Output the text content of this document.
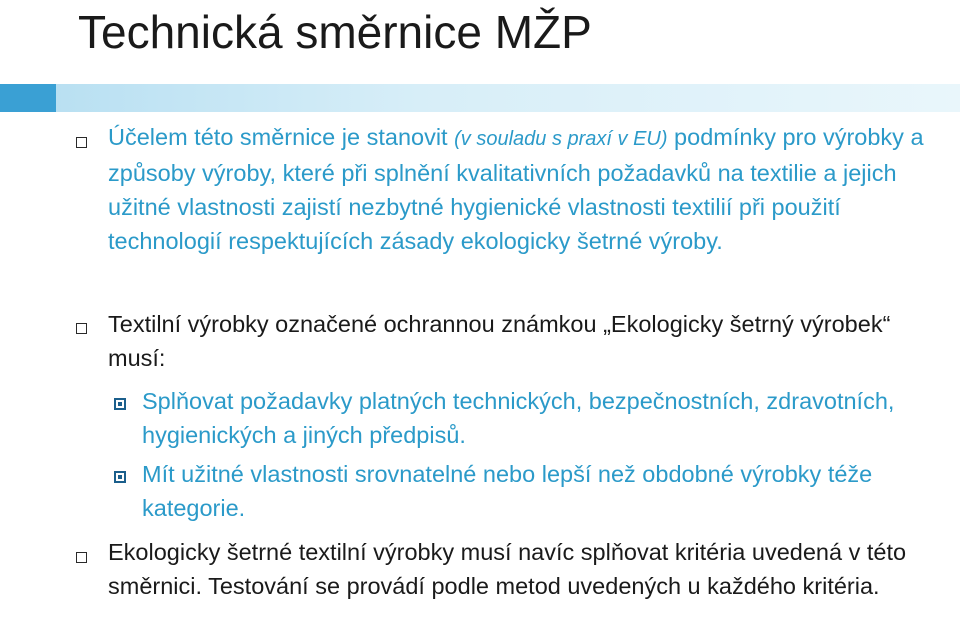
Technická směrnice MŽP
Účelem této směrnice je stanovit (v souladu s praxí v EU) podmínky pro výrobky a způsoby výroby, které při splnění kvalitativních požadavků na textilie a jejich užitné vlastnosti zajistí nezbytné hygienické vlastnosti textilií při použití technologií respektujících zásady ekologicky šetrné výroby.
Textilní výrobky označené ochrannou známkou „Ekologicky šetrný výrobek“ musí:
Splňovat požadavky platných technických, bezpečnostních, zdravotních, hygienických a jiných předpisů.
Mít užitné vlastnosti srovnatelné nebo lepší než obdobné výrobky téže kategorie.
Ekologicky šetrné textilní výrobky musí navíc splňovat kritéria uvedená v této směrnici. Testování se provádí podle metod uvedených u každého kritéria.
